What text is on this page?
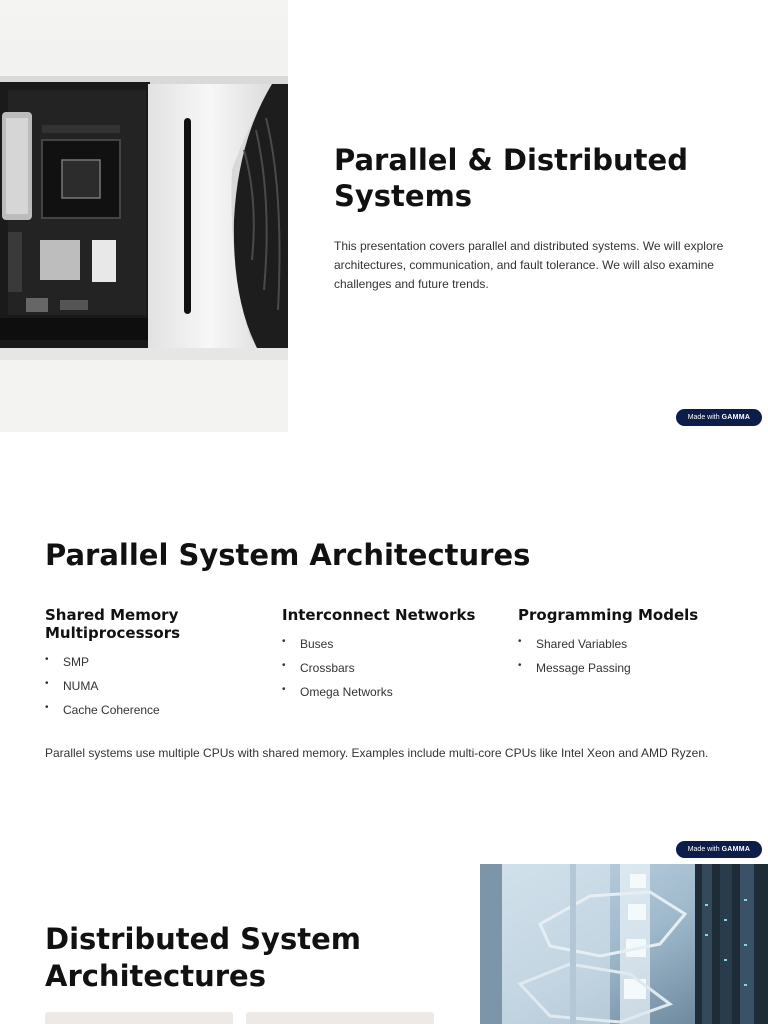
Parallel & Distributed Systems

This presentation covers parallel and distributed systems. We will explore architectures, communication, and fault tolerance. We will also examine challenges and future trends.

Made with GAMMA
Parallel System Architectures
Shared Memory Multiprocessors
• SMP
• NUMA
• Cache Coherence
Interconnect Networks
• Buses
• Crossbars
• Omega Networks
Programming Models
• Shared Variables
• Message Passing

Parallel systems use multiple CPUs with shared memory. Examples include multi-core CPUs like Intel Xeon and AMD Ryzen.

Made with GAMMA
Distributed System Architectures
